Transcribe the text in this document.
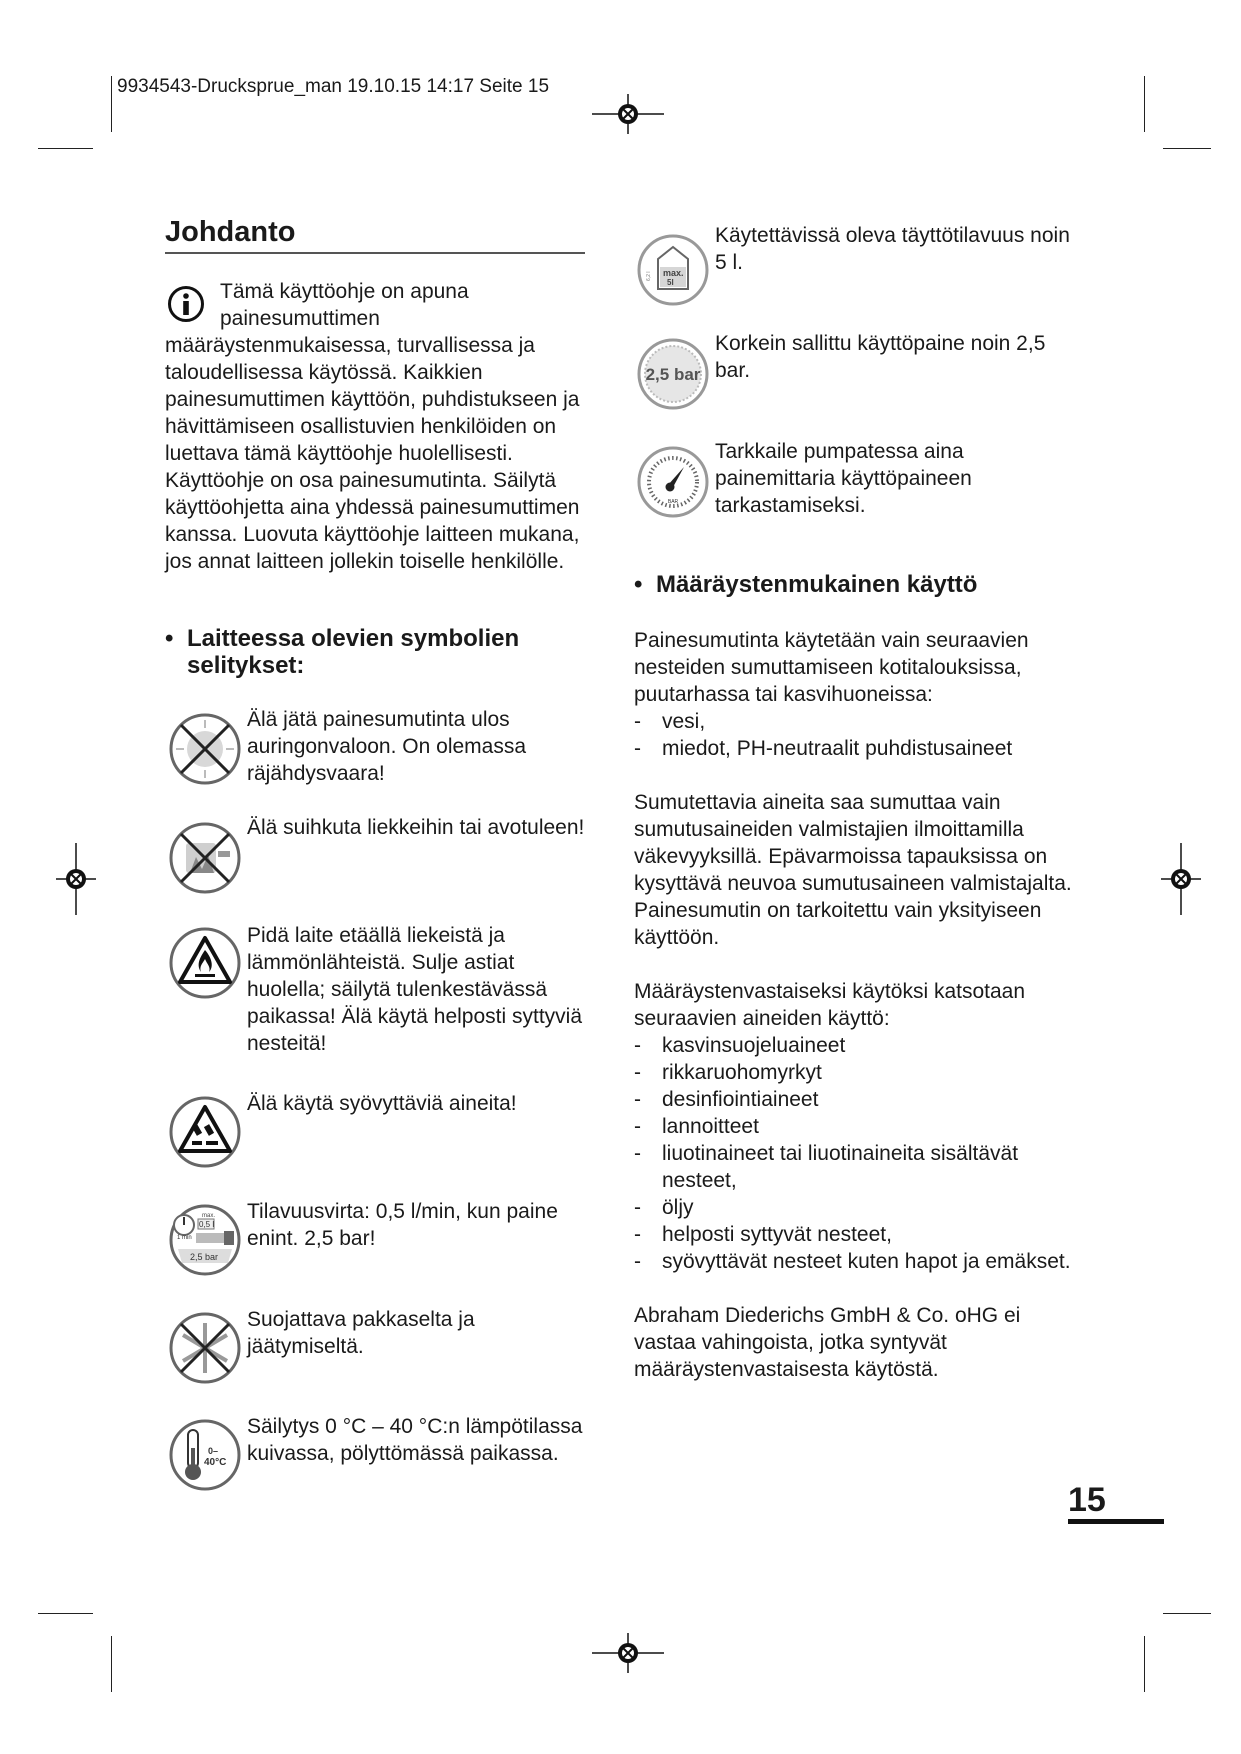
9934543-Drucksprue_man 19.10.15 14:17 Seite 15
Johdanto
Tämä käyttöohje on apuna
painesumuttimen
määräystenmukaisessa, turvallisessa ja taloudellisessa käytössä. Kaikkien painesumuttimen käyttöön, puhdistukseen ja hävittämiseen osallistuvien henkilöiden on luettava tämä käyttöohje huolellisesti. Käyttöohje on osa painesumutinta. Säilytä käyttöohjetta aina yhdessä painesumuttimen kanssa. Luovuta käyttöohje laitteen mukana, jos annat laitteen jollekin toiselle henkilölle.
• Laitteessa olevien symbolien selitykset:
Älä jätä painesumutinta ulos auringonvaloon. On olemassa räjähdysvaara!
Älä suihkuta liekkeihin tai avotuleen!
Pidä laite etäällä liekeistä ja lämmönlähteistä. Sulje astiat huolella; säilytä tulenkestävässä paikassa! Älä käytä helposti syttyviä nesteitä!
Älä käytä syövyttäviä aineita!
1 min
max.
0,5 l
2,5 bar
Tilavuusvirta: 0,5 l/min, kun paine enint. 2,5 bar!
Suojattava pakkaselta ja jäätymiseltä.
0–
40°C
Säilytys 0 °C – 40 °C:n lämpötilassa kuivassa, pölyttömässä paikassa.
max.
5l
6,2 l
Käytettävissä oleva täyttötilavuus noin 5 l.
2,5 bar
Korkein sallittu käyttöpaine noin 2,5 bar.
BAR
Tarkkaile pumpatessa aina painemittaria käyttöpaineen tarkastamiseksi.
• Määräystenmukainen käyttö
Painesumutinta käytetään vain seuraavien nesteiden sumuttamiseen kotitalouksissa, puutarhassa tai kasvihuoneissa:
- vesi,
- miedot, PH-neutraalit puhdistusaineet
Sumutettavia aineita saa sumuttaa vain sumutusaineiden valmistajien ilmoittamilla väkevyyksillä. Epävarmoissa tapauksissa on kysyttävä neuvoa sumutusaineen valmistajalta. Painesumutin on tarkoitettu vain yksityiseen käyttöön.
Määräystenvastaiseksi käytöksi katsotaan seuraavien aineiden käyttö:
- kasvinsuojeluaineet
- rikkaruohomyrkyt
- desinfiointiaineet
- lannoitteet
- liuotinaineet tai liuotinaineita sisältävät nesteet,
- öljy
- helposti syttyvät nesteet,
- syövyttävät nesteet kuten hapot ja emäkset.
Abraham Diederichs GmbH & Co. oHG ei vastaa vahingoista, jotka syntyvät määräystenvastaisesta käytöstä.
15
